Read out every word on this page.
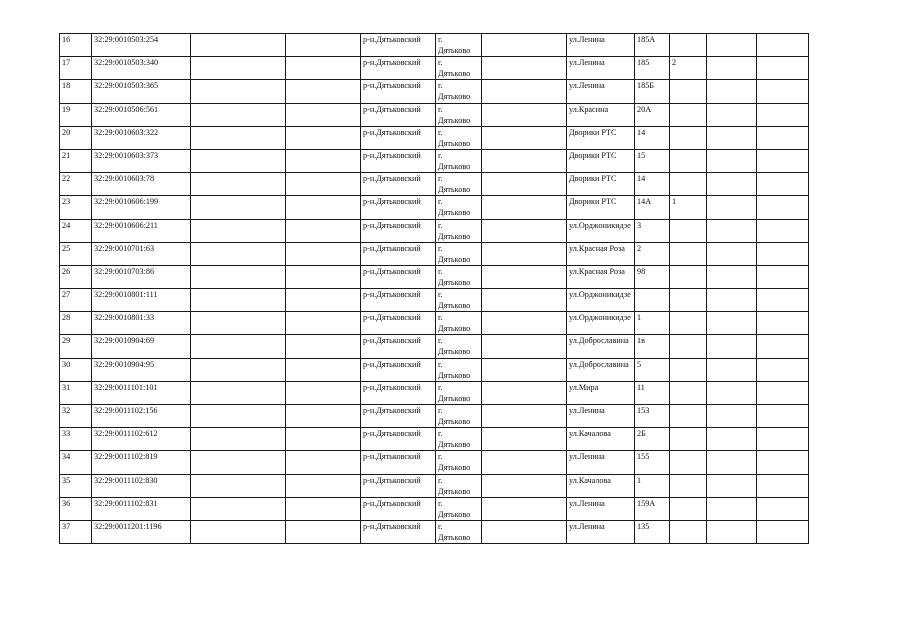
16	32:29:0010503:254			р-н.Дятьковский	г.
Дятьково		ул.Ленина	185А			
17	32:29:0010503:340			р-н.Дятьковский	г.
Дятьково		ул.Ленина	185	2		
18	32:29:0010503:365			р-н.Дятьковский	г.
Дятьково		ул.Ленина	185Б			
19	32:29:0010506:561			р-н.Дятьковский	г.
Дятьково		ул.Красина	20А			
20	32:29:0010603:322			р-н.Дятьковский	г.
Дятьково		Дворики РТС	14			
21	32:29:0010603:373			р-н.Дятьковский	г.
Дятьково		Дворики РТС	15			
22	32:29:0010603:78			р-н.Дятьковский	г.
Дятьково		Дворики РТС	14			
23	32:29:0010606:199			р-н.Дятьковский	г.
Дятьково		Дворики РТС	14А	1		
24	32:29:0010606:211			р-н.Дятьковский	г.
Дятьково		ул.Орджоникидзе	3			
25	32:29:0010701:63			р-н.Дятьковский	г.
Дятьково		ул.Красная Роза	2			
26	32:29:0010703:86			р-н.Дятьковский	г.
Дятьково		ул.Красная Роза	98			
27	32:29:0010801:111			р-н.Дятьковский	г.
Дятьково		ул.Орджоникидзе				
28	32:29:0010801:33			р-н.Дятьковский	г.
Дятьково		ул.Орджоникидзе	1			
29	32:29:0010904:69			р-н.Дятьковский	г.
Дятьково		ул.Доброславина	1в			
30	32:29:0010904:95			р-н.Дятьковский	г.
Дятьково		ул.Доброславина	5			
31	32:29:0011101:101			р-н.Дятьковский	г.
Дятьково		ул.Мира	11			
32	32:29:0011102:156			р-н.Дятьковский	г.
Дятьково		ул.Ленина	153			
33	32:29:0011102:612			р-н.Дятьковский	г.
Дятьково		ул.Качалова	2Б			
34	32:29:0011102:819			р-н.Дятьковский	г.
Дятьково		ул.Ленина	155			
35	32:29:0011102:830			р-н.Дятьковский	г.
Дятьково		ул.Качалова	1			
36	32:29:0011102:831			р-н.Дятьковский	г.
Дятьково		ул.Ленина	159А			
37	32:29:0011201:1196			р-н.Дятьковский	г.
Дятьково		ул.Ленина	135			
